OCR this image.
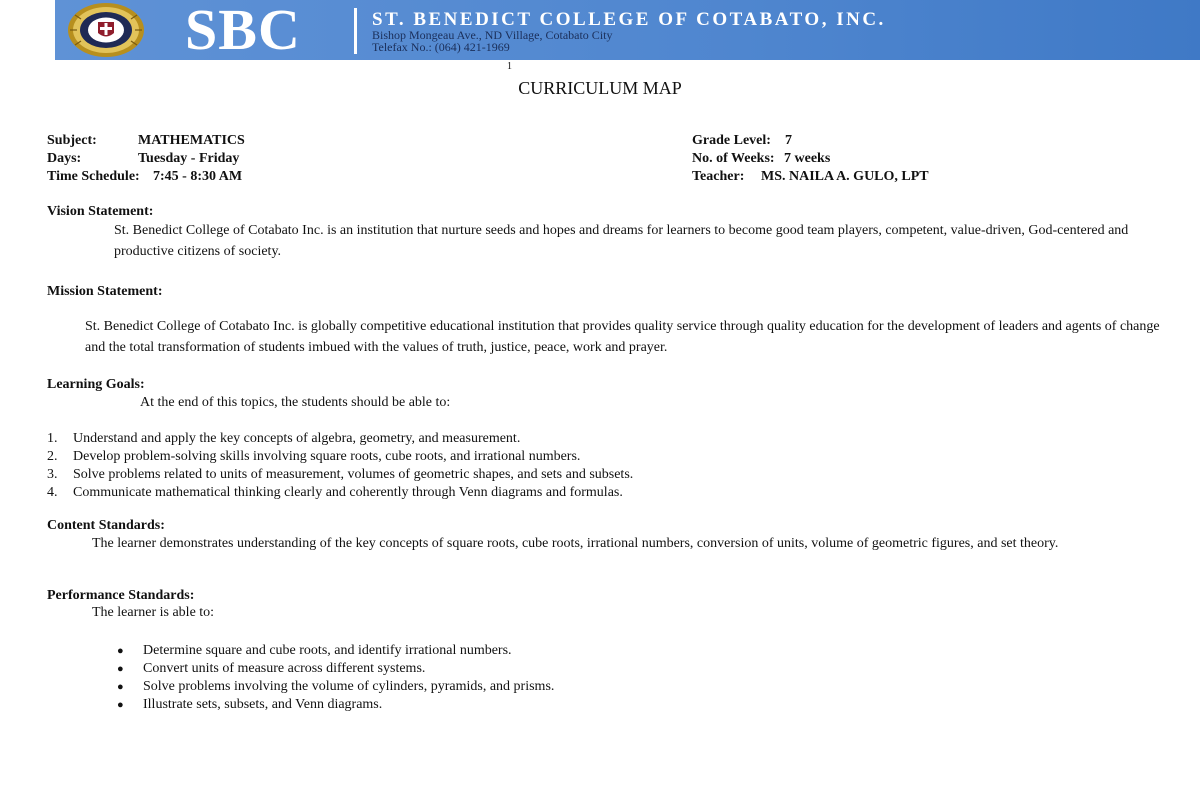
SBC	ST. BENEDICT COLLEGE OF COTABATO, INC.
Bishop Mongeau Ave., ND Village, Cotabato City
Telefax No.: (064) 421-1969
1
CURRICULUM MAP
Subject:	MATHEMATICS
Days:	Tuesday - Friday
Time Schedule: 7:45 - 8:30 AM
Grade Level: 7
No. of Weeks: 7 weeks
Teacher: MS. NAILA A. GULO, LPT
Vision Statement:
St. Benedict College of Cotabato Inc. is an institution that nurture seeds and hopes and dreams for learners to become good team players, competent, value-driven, God-centered and productive citizens of society.
Mission Statement:
St. Benedict College of Cotabato Inc. is globally competitive educational institution that provides quality service through quality education for the development of leaders and agents of change and the total transformation of students imbued with the values of truth, justice, peace, work and prayer.
Learning Goals:
At the end of this topics, the students should be able to:
1. Understand and apply the key concepts of algebra, geometry, and measurement.
2. Develop problem-solving skills involving square roots, cube roots, and irrational numbers.
3. Solve problems related to units of measurement, volumes of geometric shapes, and sets and subsets.
4. Communicate mathematical thinking clearly and coherently through Venn diagrams and formulas.
Content Standards:
The learner demonstrates understanding of the key concepts of square roots, cube roots, irrational numbers, conversion of units, volume of geometric figures, and set theory.
Performance Standards:
The learner is able to:
● Determine square and cube roots, and identify irrational numbers.
● Convert units of measure across different systems.
● Solve problems involving the volume of cylinders, pyramids, and prisms.
● Illustrate sets, subsets, and Venn diagrams.
